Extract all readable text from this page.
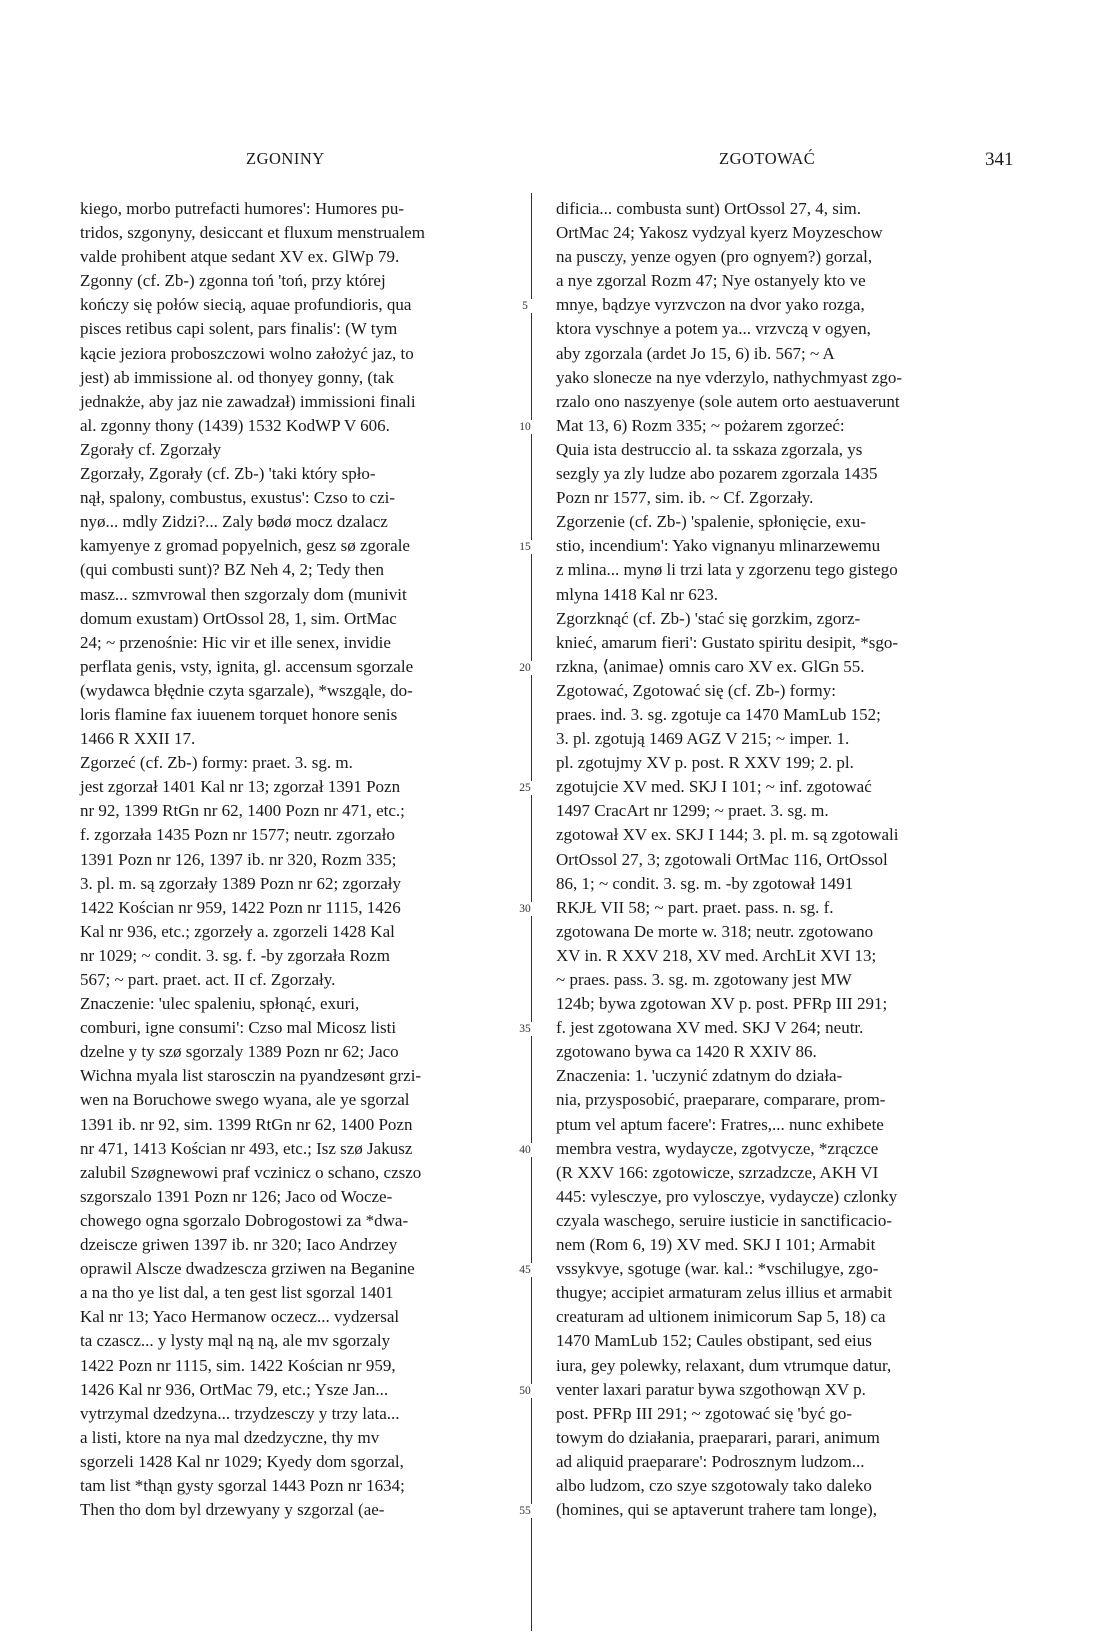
ZGONINY	ZGOTOWAĆ	341
kiego, morbo putrefacti humores': Humores pu-
tridos, szgonyny, desiccant et fluxum menstrualem
valde prohibent atque sedant XV ex. GlWp 79.
Zgonny (cf. Zb-) zgonna toń 'toń, przy której
kończy się połów siecią, aquae profundioris, qua
pisces retibus capi solent, pars finalis': (W tym
kącie jeziora proboszczowi wolno założyć jaz, to
jest) ab immissione al. od thonyey gonny, (tak
jednakże, aby jaz nie zawadzał) immissioni finali
al. zgonny thony (1439) 1532 KodWP V 606.
Zgorały cf. Zgorzały
Zgorzały, Zgorały (cf. Zb-) 'taki który spło-
nął, spalony, combustus, exustus': Czso to czi-
nyø... mdly Zidzi?... Zaly bødø mocz dzalacz
kamyenye z gromad popyelnich, gesz sø zgorale
(qui combusti sunt)? BZ Neh 4, 2; Tedy then
masz... szmvrowal then szgorzaly dom (munivit
domum exustam) OrtOssol 28, 1, sim. OrtMac
24; ~ przenośnie: Hic vir et ille senex, invidie
perflata genis, vsty, ignita, gl. accensum sgorzale
(wydawca błędnie czyta sgarzale), *wszgąle, do-
loris flamine fax iuuenem torquet honore senis
1466 R XXII 17.
Zgorzeć (cf. Zb-) formy: praet. 3. sg. m.
jest zgorzał 1401 Kal nr 13; zgorzał 1391 Pozn
nr 92, 1399 RtGn nr 62, 1400 Pozn nr 471, etc.;
f. zgorzała 1435 Pozn nr 1577; neutr. zgorzało
1391 Pozn nr 126, 1397 ib. nr 320, Rozm 335;
3. pl. m. są zgorzały 1389 Pozn nr 62; zgorzały
1422 Kościan nr 959, 1422 Pozn nr 1115, 1426
Kal nr 936, etc.; zgorzeły a. zgorzeli 1428 Kal
nr 1029; ~ condit. 3. sg. f. -by zgorzała Rozm
567; ~ part. praet. act. II cf. Zgorzały.
Znaczenie: 'ulec spaleniu, spłonąć, exuri,
comburi, igne consumi': Czso mal Micosz listi
dzelne y ty szø sgorzaly 1389 Pozn nr 62; Jaco
Wichna myala list starosczin na pyandzesønt grzi-
wen na Boruchowe swego wyana, ale ye sgorzal
1391 ib. nr 92, sim. 1399 RtGn nr 62, 1400 Pozn
nr 471, 1413 Kościan nr 493, etc.; Isz szø Jakusz
zalubil Szøgnewowi praf vczinicz o schano, czszo
szgorszalo 1391 Pozn nr 126; Jaco od Wocze-
chowego ogna sgorzalo Dobrogostowi za *dwa-
dzeiscze griwen 1397 ib. nr 320; Iaco Andrzey
oprawil Alscze dwadzescza grziwen na Beganine
a na tho ye list dal, a ten gest list sgorzal 1401
Kal nr 13; Yaco Hermanow oczecz... vydzersal
ta czascz... y lysty mąl ną ną, ale mv sgorzaly
1422 Pozn nr 1115, sim. 1422 Kościan nr 959,
1426 Kal nr 936, OrtMac 79, etc.; Ysze Jan...
vytrzymal dzedzyna... trzydzesczy y trzy lata...
a listi, ktore na nya mal dzedzyczne, thy mv
sgorzeli 1428 Kal nr 1029; Kyedy dom sgorzal,
tam list *thąn gysty sgorzal 1443 Pozn nr 1634;
Then tho dom byl drzewyany y szgorzal (ae-
5
10
15
20
25
30
35
40
45
50
55
dificia... combusta sunt) OrtOssol 27, 4, sim.
OrtMac 24; Yakosz vydzyal kyerz Moyzeschow
na pusczy, yenze ogyen (pro ognyem?) gorzal,
a nye zgorzal Rozm 47; Nye ostanyely kto ve
mnye, bądzye vyrzvczon na dvor yako rozga,
ktora vyschnye a potem ya... vrzvczą v ogyen,
aby zgorzala (ardet Jo 15, 6) ib. 567; ~ A
yako slonecze na nye vderzylo, nathychmyast zgo-
rzalo ono naszyenye (sole autem orto aestuaverunt
Mat 13, 6) Rozm 335; ~ pożarem zgorzeć:
Quia ista destruccio al. ta sskaza zgorzala, ys
sezgly ya zly ludze abo pozarem zgorzala 1435
Pozn nr 1577, sim. ib. ~ Cf. Zgorzały.
Zgorzenie (cf. Zb-) 'spalenie, spłonięcie, exu-
stio, incendium': Yako vignanyu mlinarzewemu
z mlina... mynø li trzi lata y zgorzenu tego gistego
mlyna 1418 Kal nr 623.
Zgorzknąć (cf. Zb-) 'stać się gorzkim, zgorz-
knieć, amarum fieri': Gustato spiritu desipit, *sgo-
rzkna, ⟨animae⟩ omnis caro XV ex. GlGn 55.
Zgotować, Zgotować się (cf. Zb-) formy:
praes. ind. 3. sg. zgotuje ca 1470 MamLub 152;
3. pl. zgotują 1469 AGZ V 215; ~ imper. 1.
pl. zgotujmy XV p. post. R XXV 199; 2. pl.
zgotujcie XV med. SKJ I 101; ~ inf. zgotować
1497 CracArt nr 1299; ~ praet. 3. sg. m.
zgotował XV ex. SKJ I 144; 3. pl. m. są zgotowali
OrtOssol 27, 3; zgotowali OrtMac 116, OrtOssol
86, 1; ~ condit. 3. sg. m. -by zgotował 1491
RKJŁ VII 58; ~ part. praet. pass. n. sg. f.
zgotowana De morte w. 318; neutr. zgotowano
XV in. R XXV 218, XV med. ArchLit XVI 13;
~ praes. pass. 3. sg. m. zgotowany jest MW
124b; bywa zgotowan XV p. post. PFRp III 291;
f. jest zgotowana XV med. SKJ V 264; neutr.
zgotowano bywa ca 1420 R XXIV 86.
Znaczenia: 1. 'uczynić zdatnym do działa-
nia, przysposobić, praeparare, comparare, prom-
ptum vel aptum facere': Fratres,... nunc exhibete
membra vestra, wydaycze, zgotvycze, *zrączce
(R XXV 166: zgotowicze, szrzadzcze, AKH VI
445: vylesczye, pro vylosczye, vydaycze) czlonky
czyala waschego, seruire iusticie in sanctificacio-
nem (Rom 6, 19) XV med. SKJ I 101; Armabit
vssykvye, sgotuge (war. kal.: *vschilugye, zgo-
thugye; accipiet armaturam zelus illius et armabit
creaturam ad ultionem inimicorum Sap 5, 18) ca
1470 MamLub 152; Caules obstipant, sed eius
iura, gey polewky, relaxant, dum vtrumque datur,
venter laxari paratur bywa szgothowąn XV p.
post. PFRp III 291; ~ zgotować się 'być go-
towym do działania, praeparari, parari, animum
ad aliquid praeparare': Podrosznym ludzom...
albo ludzom, czo szye szgotowaly tako daleko
(homines, qui se aptaverunt trahere tam longe),
